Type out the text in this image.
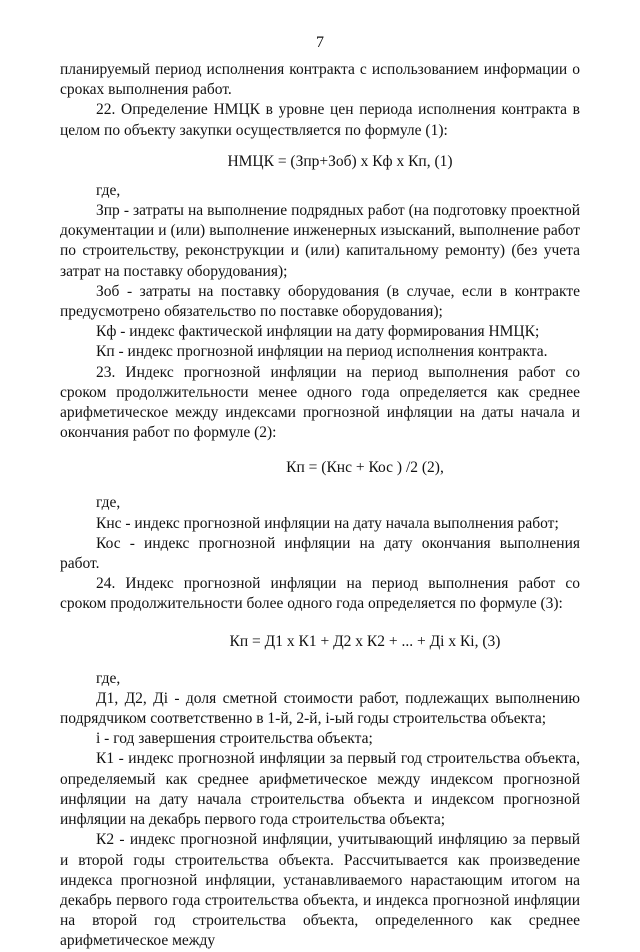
7

планируемый период исполнения контракта с использованием информации о сроках выполнения работ.

22. Определение НМЦК в уровне цен периода исполнения контракта в целом по объекту закупки осуществляется по формуле (1):

НМЦК = (Зпр+Зоб) х Кф х Кп, (1)

где,

Зпр - затраты на выполнение подрядных работ (на подготовку проектной документации и (или) выполнение инженерных изысканий, выполнение работ по строительству, реконструкции и (или) капитальному ремонту) (без учета затрат на поставку оборудования);

Зоб - затраты на поставку оборудования (в случае, если в контракте предусмотрено обязательство по поставке оборудования);

Кф - индекс фактической инфляции на дату формирования НМЦК;

Кп - индекс прогнозной инфляции на период исполнения контракта.

23. Индекс прогнозной инфляции на период выполнения работ со сроком продолжительности менее одного года определяется как среднее арифметическое между индексами прогнозной инфляции на даты начала и окончания работ по формуле (2):

Кп = (Кнс + Кос ) /2 (2),

где,

Кнс - индекс прогнозной инфляции на дату начала выполнения работ;

Кос - индекс прогнозной инфляции на дату окончания выполнения работ.

24. Индекс прогнозной инфляции на период выполнения работ со сроком продолжительности более одного года определяется по формуле (3):

Кп = Д1 х К1 + Д2 х К2 + ... + Дi х Кi, (3)

где,

Д1, Д2, Дi - доля сметной стоимости работ, подлежащих выполнению подрядчиком соответственно в 1-й, 2-й, i-ый годы строительства объекта;

i - год завершения строительства объекта;

К1 - индекс прогнозной инфляции за первый год строительства объекта, определяемый как среднее арифметическое между индексом прогнозной инфляции на дату начала строительства объекта и индексом прогнозной инфляции на декабрь первого года строительства объекта;

К2 - индекс прогнозной инфляции, учитывающий инфляцию за первый и второй годы строительства объекта. Рассчитывается как произведение индекса прогнозной инфляции, устанавливаемого нарастающим итогом на декабрь первого года строительства объекта, и индекса прогнозной инфляции на второй год строительства объекта, определенного как среднее арифметическое между
